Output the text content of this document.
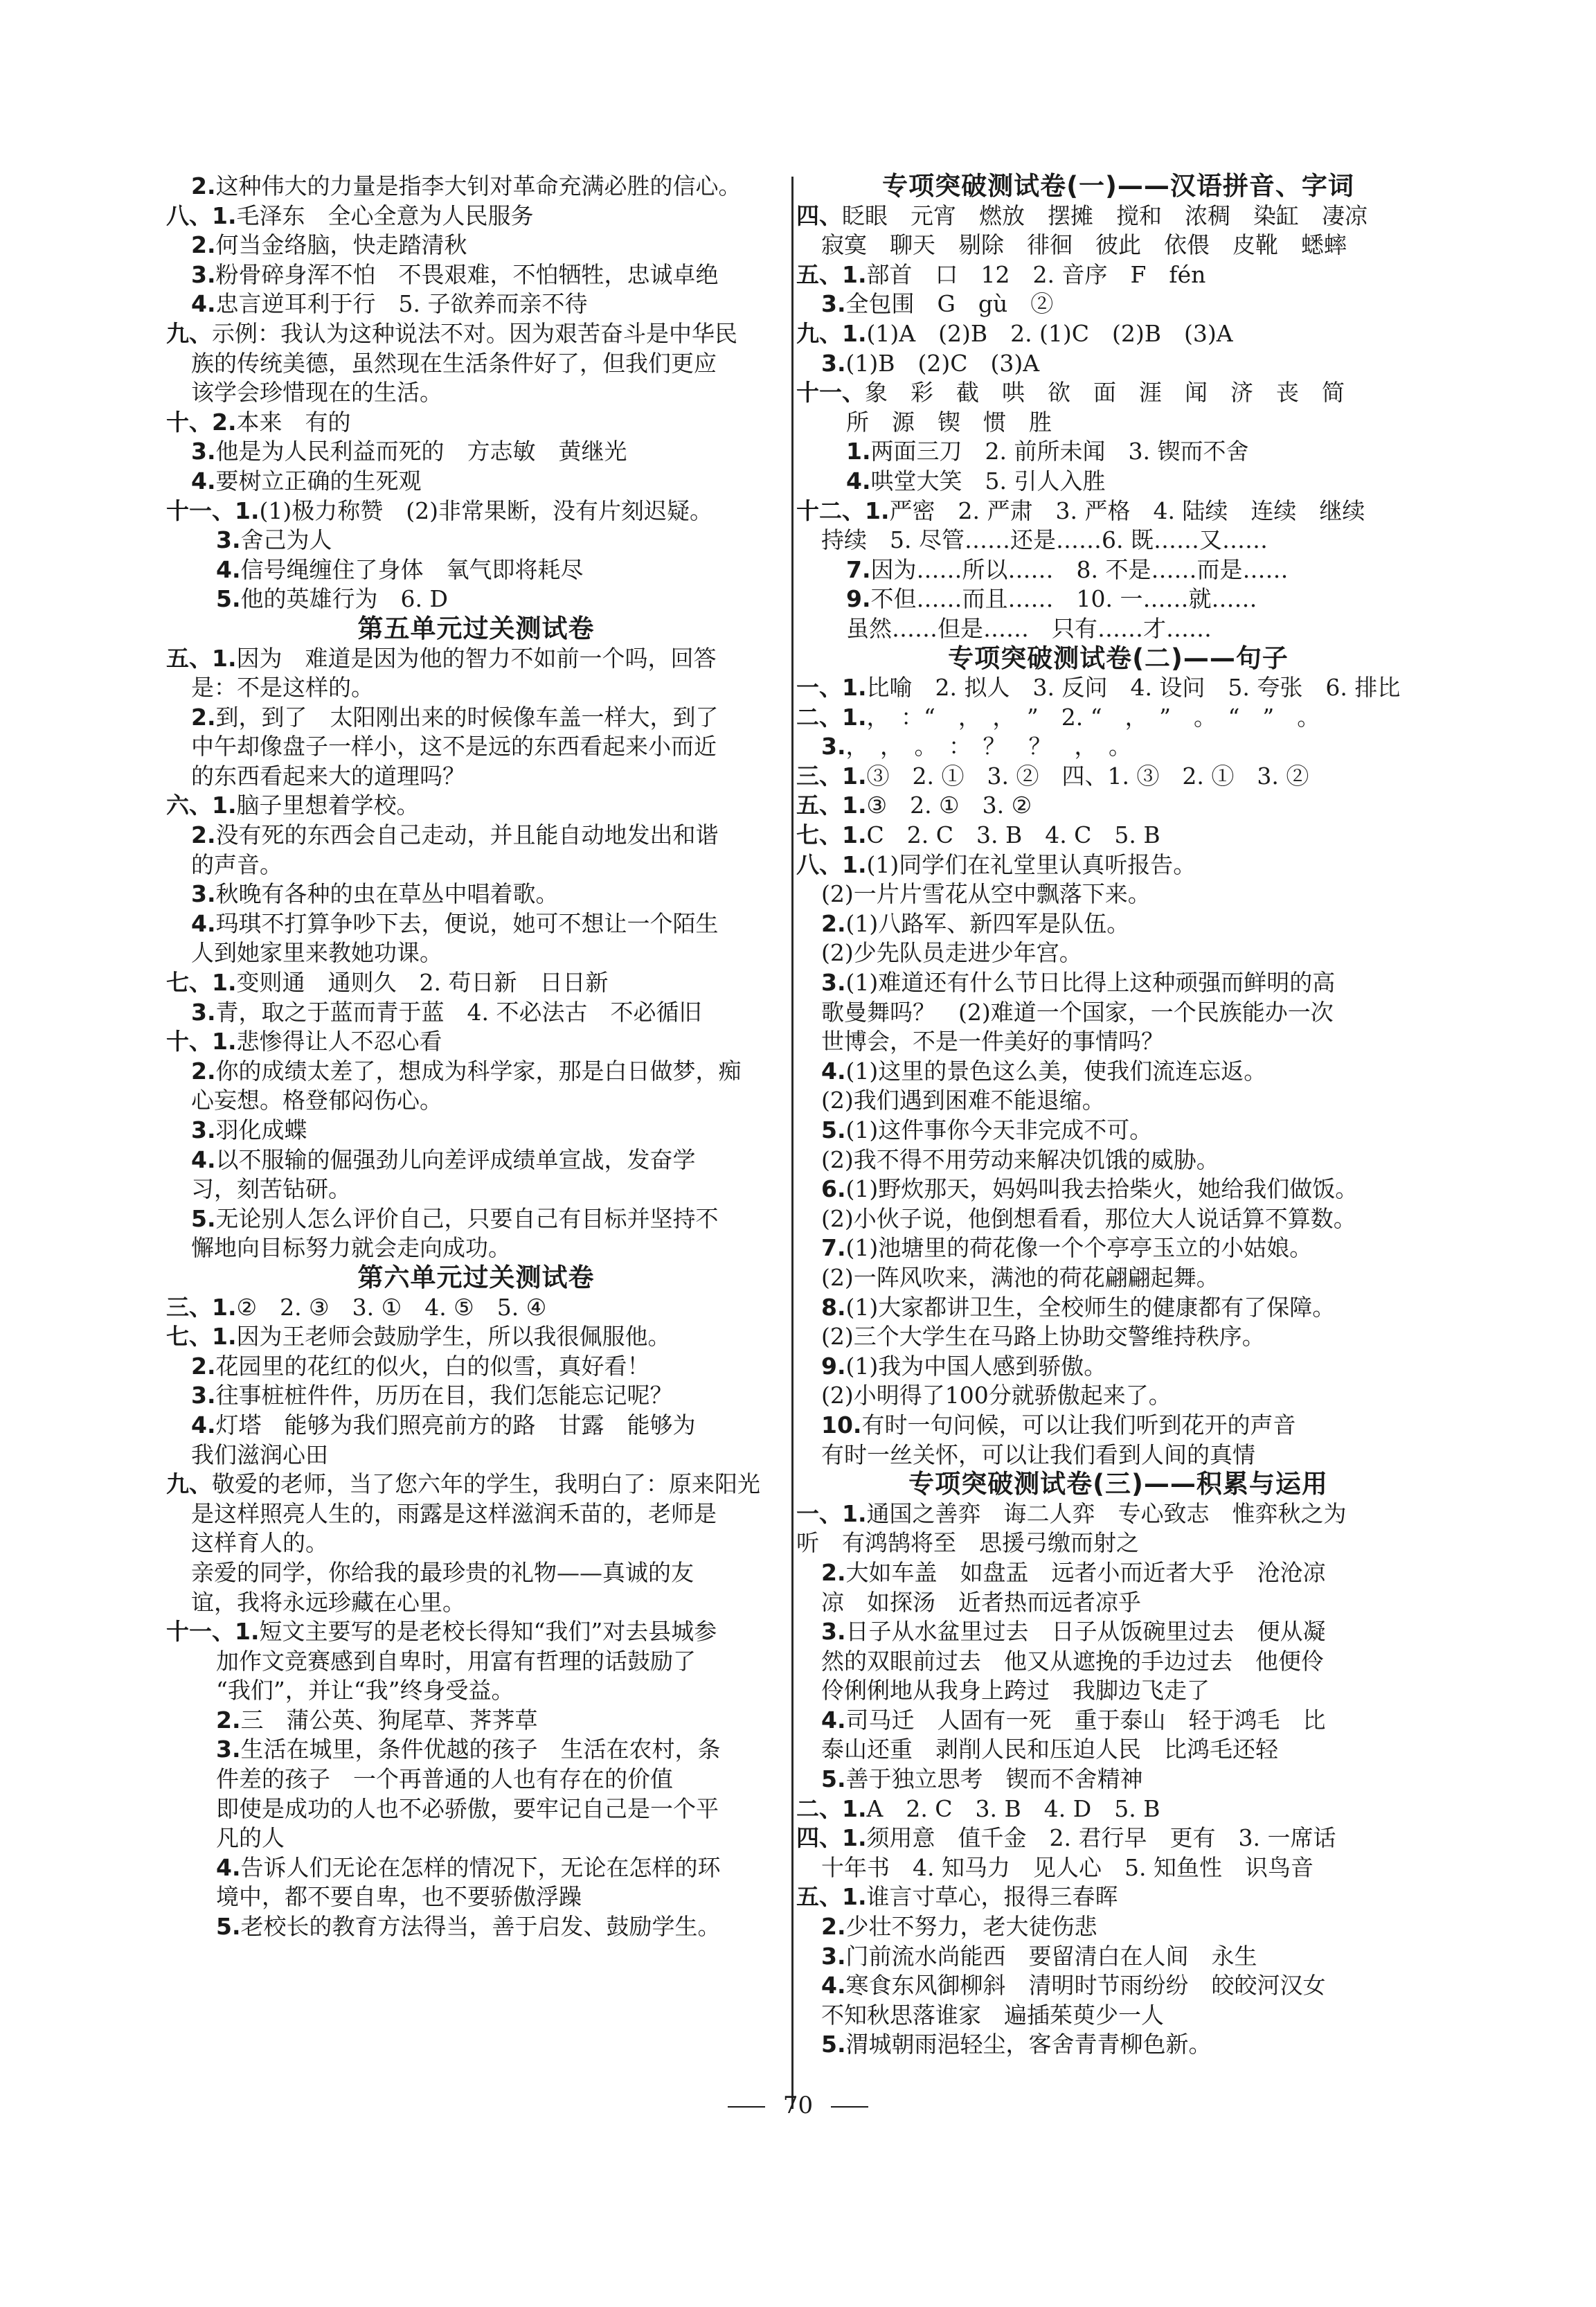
2.这种伟大的力量是指李大钊对革命充满必胜的信心。
八、1.毛泽东　全心全意为人民服务
2.何当金络脑，快走踏清秋
3.粉骨碎身浑不怕　不畏艰难，不怕牺牲，忠诚卓绝
4.忠言逆耳利于行　5. 子欲养而亲不待
九、示例：我认为这种说法不对。因为艰苦奋斗是中华民
族的传统美德，虽然现在生活条件好了，但我们更应
该学会珍惜现在的生活。
十、2.本来　有的
3.他是为人民利益而死的　方志敏　黄继光
4.要树立正确的生死观
十一、1.(1)极力称赞　(2)非常果断，没有片刻迟疑。
3.舍己为人
4.信号绳缠住了身体　氧气即将耗尽
5.他的英雄行为　6. D
第五单元过关测试卷
五、1.因为　难道是因为他的智力不如前一个吗，回答
是：不是这样的。
2.到，到了　太阳刚出来的时候像车盖一样大，到了
中午却像盘子一样小，这不是远的东西看起来小而近
的东西看起来大的道理吗？
六、1.脑子里想着学校。
2.没有死的东西会自己走动，并且能自动地发出和谐
的声音。
3.秋晚有各种的虫在草丛中唱着歌。
4.玛琪不打算争吵下去，便说，她可不想让一个陌生
人到她家里来教她功课。
七、1.变则通　通则久　2. 苟日新　日日新
3.青，取之于蓝而青于蓝　4. 不必法古　不必循旧
十、1.悲惨得让人不忍心看
2.你的成绩太差了，想成为科学家，那是白日做梦，痴
心妄想。格登郁闷伤心。
3.羽化成蝶
4.以不服输的倔强劲儿向差评成绩单宣战，发奋学
习，刻苦钻研。
5.无论别人怎么评价自己，只要自己有目标并坚持不
懈地向目标努力就会走向成功。
第六单元过关测试卷
三、1.②　2. ③　3. ①　4. ⑤　5. ④
七、1.因为王老师会鼓励学生，所以我很佩服他。
2.花园里的花红的似火，白的似雪，真好看！
3.往事桩桩件件，历历在目，我们怎能忘记呢？
4.灯塔　能够为我们照亮前方的路　甘露　能够为
我们滋润心田
九、敬爱的老师，当了您六年的学生，我明白了：原来阳光
是这样照亮人生的，雨露是这样滋润禾苗的，老师是
这样育人的。
亲爱的同学，你给我的最珍贵的礼物——真诚的友
谊，我将永远珍藏在心里。
十一、1.短文主要写的是老校长得知“我们”对去县城参
加作文竞赛感到自卑时，用富有哲理的话鼓励了
“我们”，并让“我”终身受益。
2.三　蒲公英、狗尾草、荠荠草
3.生活在城里，条件优越的孩子　生活在农村，条
件差的孩子　一个再普通的人也有存在的价值
即使是成功的人也不必骄傲，要牢记自己是一个平
凡的人
4.告诉人们无论在怎样的情况下，无论在怎样的环
境中，都不要自卑，也不要骄傲浮躁
5.老校长的教育方法得当，善于启发、鼓励学生。
专项突破测试卷(一)——汉语拼音、字词
四、眨眼　元宵　燃放　摆摊　搅和　浓稠　染缸　凄凉
寂寞　聊天　剔除　徘徊　彼此　依偎　皮靴　蟋蟀
五、1.部首　口　12　2. 音序　F　fén
3.全包围　G　gù　②
九、1.(1)A　(2)B　2. (1)C　(2)B　(3)A
3.(1)B　(2)C　(3)A
十一、象　彩　截　哄　欲　面　涯　闻　济　丧　简
所　源　锲　惯　胜
1.两面三刀　2. 前所未闻　3. 锲而不舍
4.哄堂大笑　5. 引人入胜
十二、1.严密　2. 严肃　3. 严格　4. 陆续　连续　继续
持续　5. 尽管……还是……6. 既……又……
7.因为……所以……　8. 不是……而是……
9.不但……而且……　10. 一……就……
虽然……但是……　只有……才……
专项突破测试卷(二)——句子
一、1.比喻　2. 拟人　3. 反问　4. 设问　5. 夸张　6. 排比
二、1.，　：“　，　，　”　2. “　，　”　。　“　”　。
3.，　，　。　：　？　？　，　。
三、1.③　2. ①　3. ②　四、1. ③　2. ①　3. ②
五、1.③　2. ①　3. ②
七、1.C　2. C　3. B　4. C　5. B
八、1.(1)同学们在礼堂里认真听报告。
(2)一片片雪花从空中飘落下来。
2.(1)八路军、新四军是队伍。
(2)少先队员走进少年宫。
3.(1)难道还有什么节日比得上这种顽强而鲜明的高
歌曼舞吗？　(2)难道一个国家，一个民族能办一次
世博会，不是一件美好的事情吗？
4.(1)这里的景色这么美，使我们流连忘返。
(2)我们遇到困难不能退缩。
5.(1)这件事你今天非完成不可。
(2)我不得不用劳动来解决饥饿的威胁。
6.(1)野炊那天，妈妈叫我去拾柴火，她给我们做饭。
(2)小伙子说，他倒想看看，那位大人说话算不算数。
7.(1)池塘里的荷花像一个个亭亭玉立的小姑娘。
(2)一阵风吹来，满池的荷花翩翩起舞。
8.(1)大家都讲卫生，全校师生的健康都有了保障。
(2)三个大学生在马路上协助交警维持秩序。
9.(1)我为中国人感到骄傲。
(2)小明得了100分就骄傲起来了。
10.有时一句问候，可以让我们听到花开的声音
有时一丝关怀，可以让我们看到人间的真情
专项突破测试卷(三)——积累与运用
一、1.通国之善弈　诲二人弈　专心致志　惟弈秋之为
听　有鸿鹄将至　思援弓缴而射之
2.大如车盖　如盘盂　远者小而近者大乎　沧沧凉
凉　如探汤　近者热而远者凉乎
3.日子从水盆里过去　日子从饭碗里过去　便从凝
然的双眼前过去　他又从遮挽的手边过去　他便伶
伶俐俐地从我身上跨过　我脚边飞走了
4.司马迁　人固有一死　重于泰山　轻于鸿毛　比
泰山还重　剥削人民和压迫人民　比鸿毛还轻
5.善于独立思考　锲而不舍精神
二、1.A　2. C　3. B　4. D　5. B
四、1.须用意　值千金　2. 君行早　更有　3. 一席话
十年书　4. 知马力　见人心　5. 知鱼性　识鸟音
五、1.谁言寸草心，报得三春晖
2.少壮不努力，老大徒伤悲
3.门前流水尚能西　要留清白在人间　永生
4.寒食东风御柳斜　清明时节雨纷纷　皎皎河汉女
不知秋思落谁家　遍插茱萸少一人
5.渭城朝雨浥轻尘，客舍青青柳色新。
70
